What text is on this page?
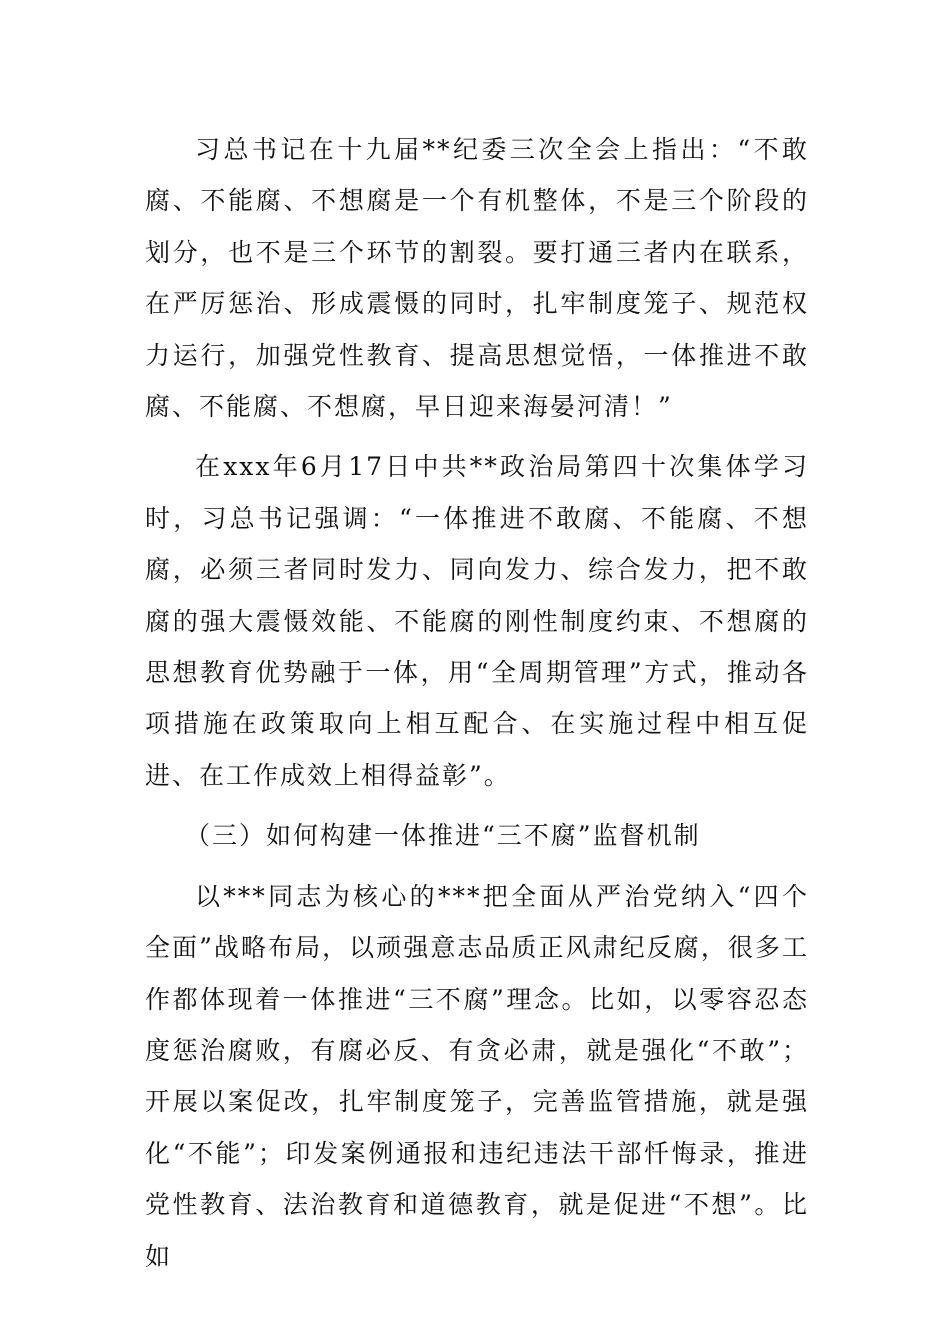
习总书记在十九届**纪委三次全会上指出：“不敢腐、不能腐、不想腐是一个有机整体，不是三个阶段的划分，也不是三个环节的割裂。要打通三者内在联系，在严厉惩治、形成震慑的同时，扎牢制度笼子、规范权力运行，加强党性教育、提高思想觉悟，一体推进不敢腐、不能腐、不想腐，早日迎来海晏河清！”

在xxx年6月17日中共**政治局第四十次集体学习时，习总书记强调：“一体推进不敢腐、不能腐、不想腐，必须三者同时发力、同向发力、综合发力，把不敢腐的强大震慑效能、不能腐的刚性制度约束、不想腐的思想教育优势融于一体，用“全周期管理”方式，推动各项措施在政策取向上相互配合、在实施过程中相互促进、在工作成效上相得益彰”。

（三）如何构建一体推进“三不腐”监督机制

以***同志为核心的***把全面从严治党纳入“四个全面”战略布局，以顽强意志品质正风肃纪反腐，很多工作都体现着一体推进“三不腐”理念。比如，以零容忍态度惩治腐败，有腐必反、有贪必肃，就是强化“不敢”；开展以案促改，扎牢制度笼子，完善监管措施，就是强化“不能”；印发案例通报和违纪违法干部忏悔录，推进党性教育、法治教育和道德教育，就是促进“不想”。比如
